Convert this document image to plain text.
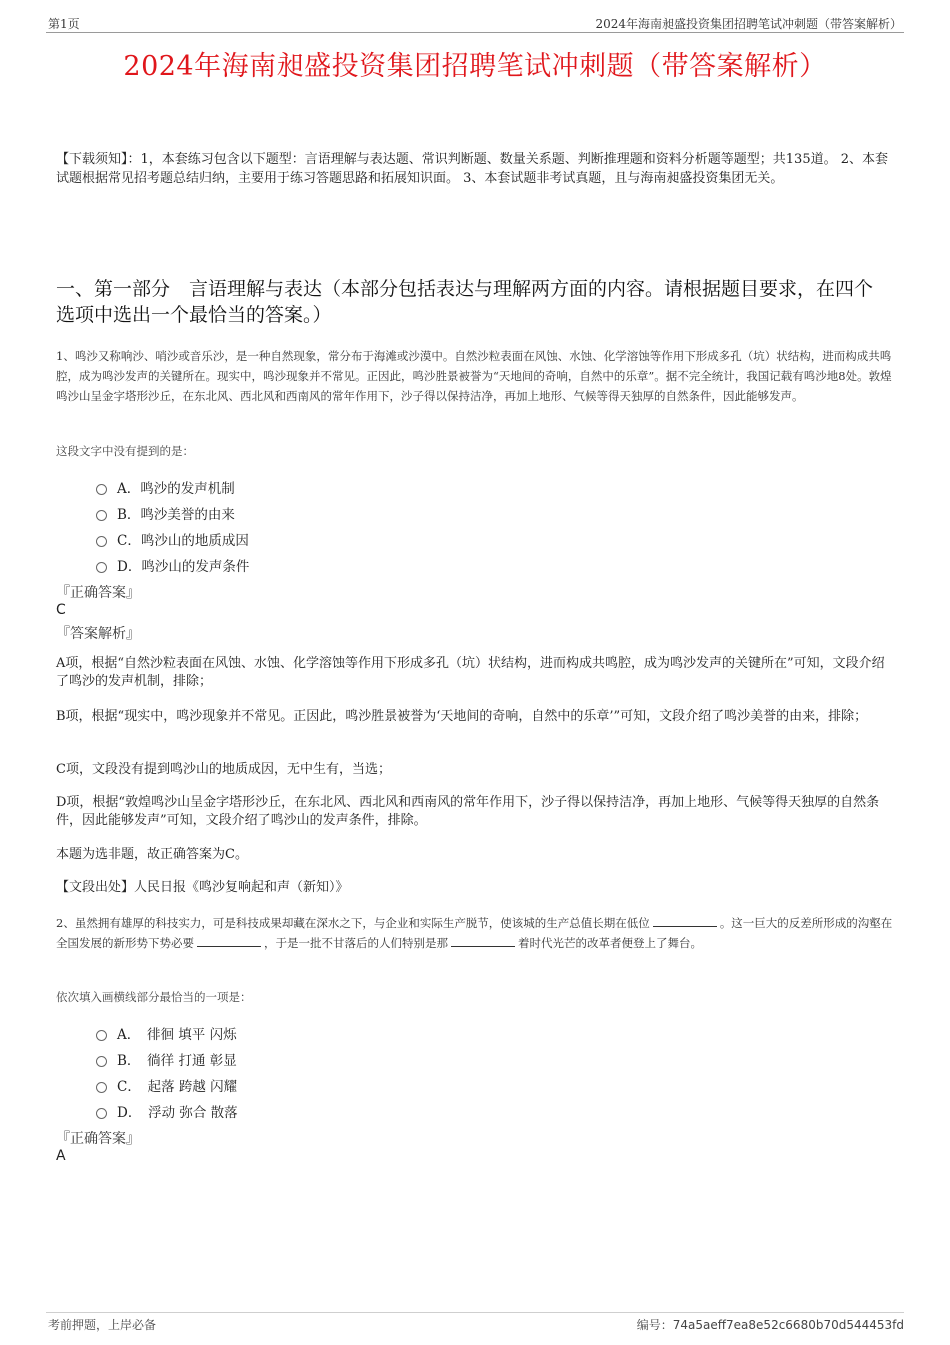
第1页	2024年海南昶盛投资集团招聘笔试冲刺题（带答案解析）
2024年海南昶盛投资集团招聘笔试冲刺题（带答案解析）
【下载须知】：1，本套练习包含以下题型：言语理解与表达题、常识判断题、数量关系题、判断推理题和资料分析题等题型；共135道。 2、本套试题根据常见招考题总结归纳，主要用于练习答题思路和拓展知识面。 3、本套试题非考试真题，且与海南昶盛投资集团无关。
一、第一部分　言语理解与表达（本部分包括表达与理解两方面的内容。请根据题目要求，在四个选项中选出一个最恰当的答案。）
1、鸣沙又称响沙、哨沙或音乐沙，是一种自然现象，常分布于海滩或沙漠中。自然沙粒表面在风蚀、水蚀、化学溶蚀等作用下形成多孔（坑）状结构，进而构成共鸣腔，成为鸣沙发声的关键所在。现实中，鸣沙现象并不常见。正因此，鸣沙胜景被誉为“天地间的奇响，自然中的乐章”。据不完全统计，我国记载有鸣沙地8处。敦煌鸣沙山呈金字塔形沙丘，在东北风、西北风和西南风的常年作用下，沙子得以保持洁净，再加上地形、气候等得天独厚的自然条件，因此能够发声。
这段文字中没有提到的是：
A．鸣沙的发声机制
B．鸣沙美誉的由来
C．鸣沙山的地质成因
D．鸣沙山的发声条件
『正确答案』
C
『答案解析』
A项，根据“自然沙粒表面在风蚀、水蚀、化学溶蚀等作用下形成多孔（坑）状结构，进而构成共鸣腔，成为鸣沙发声的关键所在”可知，文段介绍了鸣沙的发声机制，排除；
B项，根据“现实中，鸣沙现象并不常见。正因此，鸣沙胜景被誉为‘天地间的奇响，自然中的乐章’”可知，文段介绍了鸣沙美誉的由来，排除；
C项，文段没有提到鸣沙山的地质成因，无中生有，当选；
D项，根据“敦煌鸣沙山呈金字塔形沙丘，在东北风、西北风和西南风的常年作用下，沙子得以保持洁净，再加上地形、气候等得天独厚的自然条件，因此能够发声”可知，文段介绍了鸣沙山的发声条件，排除。
本题为选非题，故正确答案为C。
【文段出处】人民日报《鸣沙复响起和声（新知）》
2、虽然拥有雄厚的科技实力，可是科技成果却藏在深水之下，与企业和实际生产脱节，使该城的生产总值长期在低位	。这一巨大的反差所形成的沟壑在全国发展的新形势下势必要	，于是一批不甘落后的人们特别是那	着时代光芒的改革者便登上了舞台。
依次填入画横线部分最恰当的一项是：
A．　徘徊 填平 闪烁
B．　徜徉 打通 彰显
C．　起落 跨越 闪耀
D．　浮动 弥合 散落
『正确答案』
A
考前押题，上岸必备	编号：74a5aeff7ea8e52c6680b70d544453fd
